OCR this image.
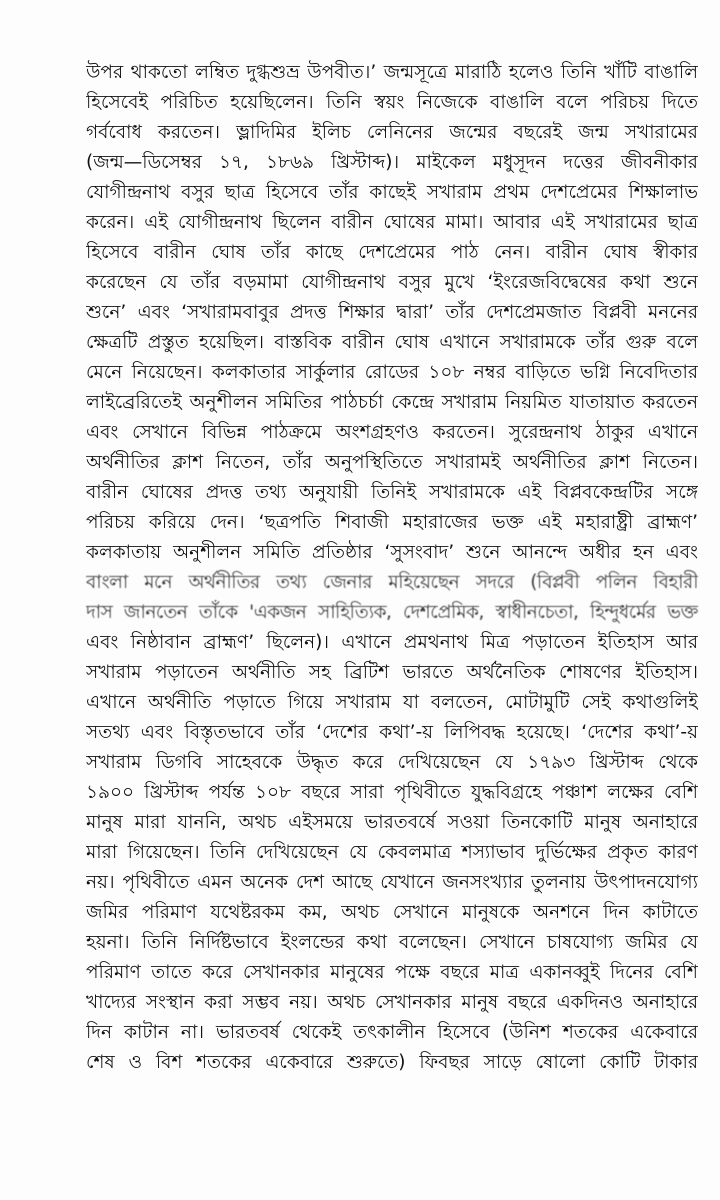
উপর থাকতো লম্বিত দুগ্ধশুভ্র উপবীত।’ জন্মসূত্রে মারাঠি হলেও তিনি খাঁটি বাঙালি
হিসেবেই পরিচিত হয়েছিলেন। তিনি স্বয়ং নিজেকে বাঙালি বলে পরিচয় দিতে
গর্ববোধ করতেন। ভ্লাদিমির ইলিচ লেনিনের জন্মের বছরেই জন্ম সখারামের
(জন্ম—ডিসেম্বর ১৭, ১৮৬৯ খ্রিস্টাব্দ)। মাইকেল মধুসূদন দত্তের জীবনীকার
যোগীন্দ্রনাথ বসুর ছাত্র হিসেবে তাঁর কাছেই সখারাম প্রথম দেশপ্রেমের শিক্ষালাভ
করেন। এই যোগীন্দ্রনাথ ছিলেন বারীন ঘোষের মামা। আবার এই সখারামের ছাত্র
হিসেবে বারীন ঘোষ তাঁর কাছে দেশপ্রেমের পাঠ নেন। বারীন ঘোষ স্বীকার
করেছেন যে তাঁর বড়মামা যোগীন্দ্রনাথ বসুর মুখে ‘ইংরেজবিদ্বেষের কথা শুনে
শুনে’ এবং ‘সখারামবাবুর প্রদত্ত শিক্ষার দ্বারা’ তাঁর দেশপ্রেমজাত বিপ্লবী মননের
ক্ষেত্রটি প্রস্তুত হয়েছিল। বাস্তবিক বারীন ঘোষ এখানে সখারামকে তাঁর গুরু বলে
মেনে নিয়েছেন। কলকাতার সার্কুলার রোডের ১০৮ নম্বর বাড়িতে ভগ্নি নিবেদিতার
লাইব্রেরিতেই অনুশীলন সমিতির পাঠচর্চা কেন্দ্রে সখারাম নিয়মিত যাতায়াত করতেন
এবং সেখানে বিভিন্ন পাঠক্রমে অংশগ্রহণও করতেন। সুরেন্দ্রনাথ ঠাকুর এখানে
অর্থনীতির ক্লাশ নিতেন, তাঁর অনুপস্থিতিতে সখারামই অর্থনীতির ক্লাশ নিতেন।
বারীন ঘোষের প্রদত্ত তথ্য অনুযায়ী তিনিই সখারামকে এই বিপ্লবকেন্দ্রটির সঙ্গে
পরিচয় করিয়ে দেন। ‘ছত্রপতি শিবাজী মহারাজের ভক্ত এই মহারাষ্ট্রী ব্রাহ্মণ’
কলকাতায় অনুশীলন সমিতি প্রতিষ্ঠার ‘সুসংবাদ’ শুনে আনন্দে অধীর হন এবং
বাংলা মনে অর্থনীতির তথ্য জেনার মহিয়েছেন সদরে (বিপ্লবী পলিন বিহারী
দাস জানতেন তাঁকে 'একজন সাহিত্যিক, দেশপ্রেমিক, স্বাধীনচেতা, হিন্দুধর্মের ভক্ত
এবং নিষ্ঠাবান ব্রাহ্মণ’ ছিলেন)। এখানে প্রমথনাথ মিত্র পড়াতেন ইতিহাস আর
সখারাম পড়াতেন অর্থনীতি সহ ব্রিটিশ ভারতে অর্থনৈতিক শোষণের ইতিহাস।
এখানে অর্থনীতি পড়াতে গিয়ে সখারাম যা বলতেন, মোটামুটি সেই কথাগুলিই
সতথ্য এবং বিস্তৃতভাবে তাঁর ‘দেশের কথা’-য় লিপিবদ্ধ হয়েছে। ‘দেশের কথা’-য়
সখারাম ডিগবি সাহেবকে উদ্ধৃত করে দেখিয়েছেন যে ১৭৯৩ খ্রিস্টাব্দ থেকে
১৯০০ খ্রিস্টাব্দ পর্যন্ত ১০৮ বছরে সারা পৃথিবীতে যুদ্ধবিগ্রহে পঞ্চাশ লক্ষের বেশি
মানুষ মারা যাননি, অথচ এইসময়ে ভারতবর্ষে সওয়া তিনকোটি মানুষ অনাহারে
মারা গিয়েছেন। তিনি দেখিয়েছেন যে কেবলমাত্র শস্যাভাব দুর্ভিক্ষের প্রকৃত কারণ
নয়। পৃথিবীতে এমন অনেক দেশ আছে যেখানে জনসংখ্যার তুলনায় উৎপাদনযোগ্য
জমির পরিমাণ যথেষ্টরকম কম, অথচ সেখানে মানুষকে অনশনে দিন কাটাতে
হয়না। তিনি নির্দিষ্টভাবে ইংলন্ডের কথা বলেছেন। সেখানে চাষযোগ্য জমির যে
পরিমাণ তাতে করে সেখানকার মানুষের পক্ষে বছরে মাত্র একানব্বুই দিনের বেশি
খাদ্যের সংস্থান করা সম্ভব নয়। অথচ সেখানকার মানুষ বছরে একদিনও অনাহারে
দিন কাটান না। ভারতবর্ষ থেকেই তৎকালীন হিসেবে (উনিশ শতকের একেবারে
শেষ ও বিশ শতকের একেবারে শুরুতে) ফিবছর সাড়ে ষোলো কোটি টাকার
